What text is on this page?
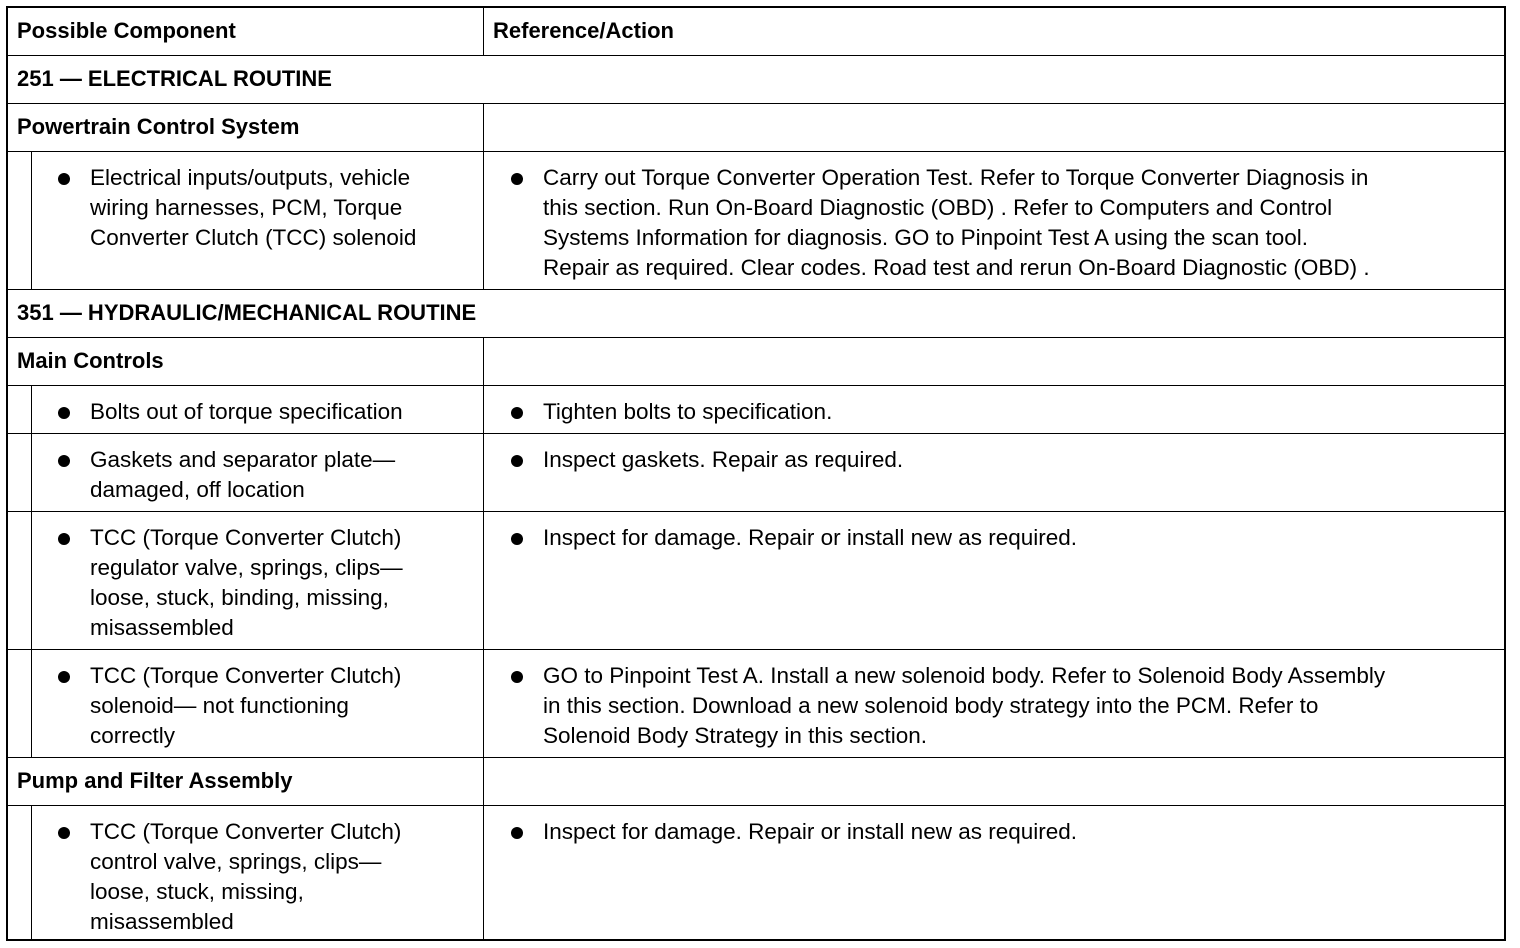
Possible Component	Reference/Action
251 — ELECTRICAL ROUTINE
Powertrain Control System
Electrical inputs/outputs, vehicle
wiring harnesses, PCM, Torque
Converter Clutch (TCC) solenoid
Carry out Torque Converter Operation Test. Refer to Torque Converter Diagnosis in
this section. Run On-Board Diagnostic (OBD) . Refer to Computers and Control
Systems Information for diagnosis. GO to Pinpoint Test A using the scan tool.
Repair as required. Clear codes. Road test and rerun On-Board Diagnostic (OBD) .
351 — HYDRAULIC/MECHANICAL ROUTINE
Main Controls
Bolts out of torque specification	Tighten bolts to specification.
Gaskets and separator plate—
damaged, off location
Inspect gaskets. Repair as required.
TCC (Torque Converter Clutch)
regulator valve, springs, clips—
loose, stuck, binding, missing,
misassembled
Inspect for damage. Repair or install new as required.
TCC (Torque Converter Clutch)
solenoid— not functioning
correctly
GO to Pinpoint Test A. Install a new solenoid body. Refer to Solenoid Body Assembly
in this section. Download a new solenoid body strategy into the PCM. Refer to
Solenoid Body Strategy in this section.
Pump and Filter Assembly
TCC (Torque Converter Clutch)
control valve, springs, clips—
loose, stuck, missing,
misassembled
Inspect for damage. Repair or install new as required.
